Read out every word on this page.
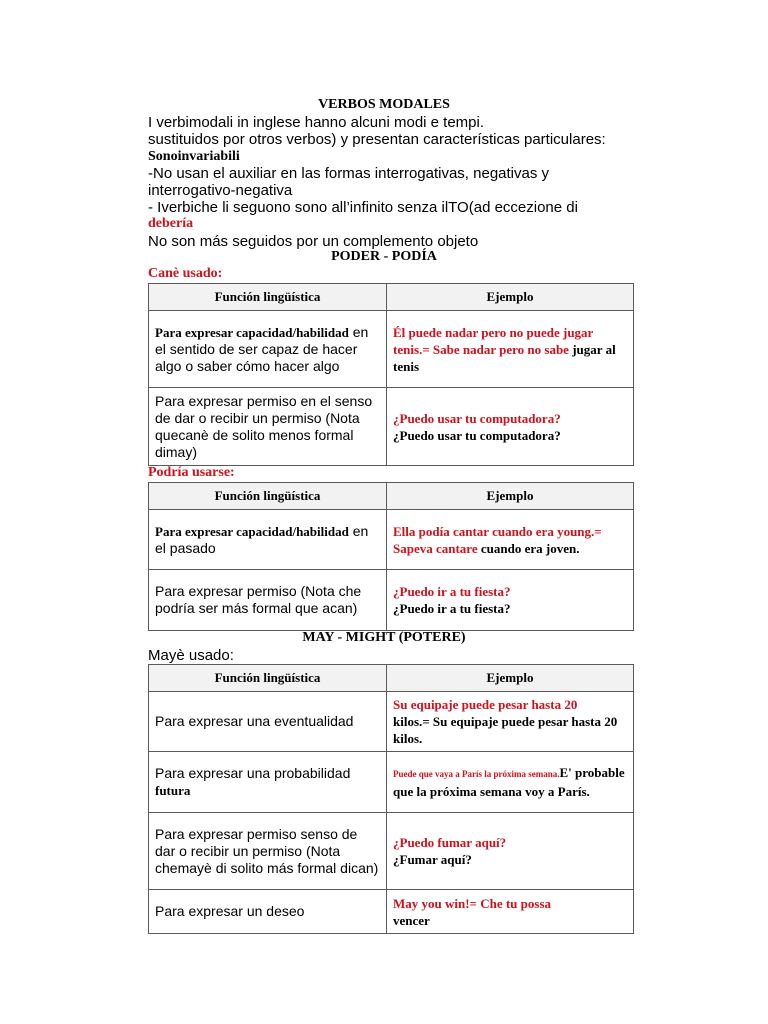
VERBOS MODALES
I verbimodali in inglese hanno alcuni modi e tempi.
sustituidos por otros verbos) y presentan características particulares:
Sonoinvariabili
-No usan el auxiliar en las formas interrogativas, negativas y
interrogativo-negativa
- Iverbiche li seguono sono all’infinito senza ilTO(ad eccezione di
debería
No son más seguidos por un complemento objeto
PODER - PODÍA
Canè usado:
Función lingüística	Ejemplo
Para expresar capacidad/habilidad en el sentido de ser capaz de hacer algo o saber cómo hacer algo	Él puede nadar pero no puede jugar tenis.= Sabe nadar pero no sabe jugar al tenis
Para expresar permiso en el senso de dar o recibir un permiso (Nota quecanè de solito menos formal dimay)	¿Puedo usar tu computadora?
¿Puedo usar tu computadora?
Podría usarse:
Función lingüística	Ejemplo
Para expresar capacidad/habilidad en el pasado	Ella podía cantar cuando era young.= Sapeva cantare cuando era joven.
Para expresar permiso (Nota che podría ser más formal que acan)	¿Puedo ir a tu fiesta?
¿Puedo ir a tu fiesta?
MAY - MIGHT (POTERE)
Mayè usado:
Función lingüística	Ejemplo
Para expresar una eventualidad	Su equipaje puede pesar hasta 20
kilos.= Su equipaje puede pesar hasta 20 kilos.

Para expresar una probabilidad
futura	Puede que vaya a París la próxima semana.E' probable que la próxima semana voy a París.
Para expresar permiso senso de dar o recibir un permiso (Nota chemayè di solito más formal dican)	¿Puedo fumar aquí?
¿Fumar aquí?

Para expresar un deseo	May you win!= Che tu possa
vencer
